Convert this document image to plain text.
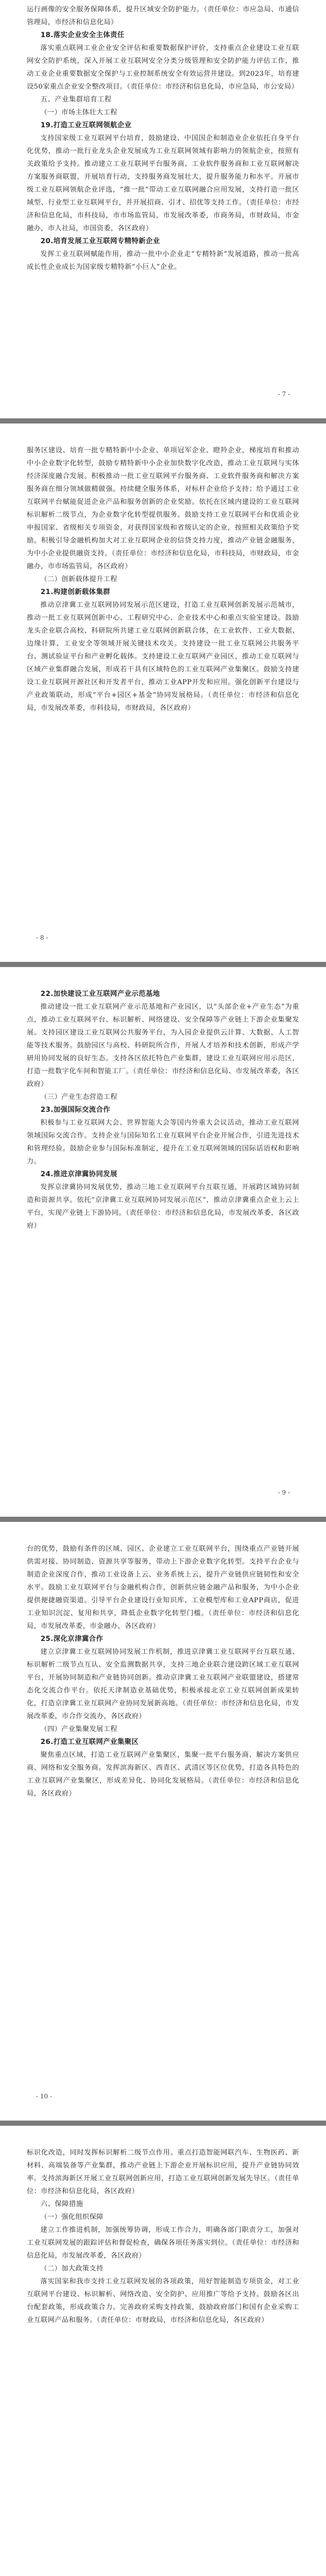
运行画像的安全服务保障体系，提升区域安全防护能力。（责任单位：市应急局、市通信管理局，市经济和信息化局）

18.落实企业安全主体责任

落实重点联网工业企业安全评估和重要数据保护评价，支持重点企业建设工业互联网安全防护系统，深入开展工业互联网安全分类分级管理和安全防护能力评估工作，推动工业企业重要数据安全保护与工业控制系统安全有效运营并建设。到2023年，培育建设50家重点企业安全整改项目。（责任单位：市经济和信息化局，市应急局，市公安局）

五、产业集群培育工程

（一）市场主体壮大工程

19.打造工业互联网领航企业

支持国家级工业互联网平台培育，鼓励建设、中国国企和制造业企业依托自身平台化优势，推动一批行业龙头企业发展成为工业互联网领域有影响力的领航企业，按照有关政策给予支持。推动建立工业互联网平台服务商、工业软件服务商和工业互联网解决方案服务商联盟，开展培育行动，支持服务商发展壮大，提升服务能力和水平。开展市级工业互联网领航企业评选，“推一批”带动工业互联网融合应用发展，支持打造一批区域型、行业型工业互联网平台，并开展招商、引才、招优等支持工作。（责任单位：市经济和信息化局，市科技局，市市场监管局，市发展改革委，市商务局，市财政局，市金融办，市人社局，市国资委，各区政府）

20.培育发展工业互联网专精特新企业

发挥工业互联网赋能作用，推动一批中小企业走“专精特新”发展道路，推动一批高成长性企业成长为国家级专精特新“小巨人”企业。

- 7 -

服务区建设、培育一批专精特新中小企业、单项冠军企业、瞪羚企业，梯度培育和推动中小企业数字化转型，鼓励专精特新中小企业加快数字化改造，推动工业互联网与实体经济深度融合发展。积极推动一批工业互联网平台服务商、工业软件服务商和解决方案服务商在细分领域做精做强。持续健全服务体系，对标杆企业给予支持；给予通过工业互联网平台赋能促进企业产品和服务创新的企业奖励。依托在区域内建设的工业互联网标识解析二级节点，为企业数字化转型提供服务。鼓励支持工业互联网平台和优质企业申报国家、省级相关专项资金，对获得国家级和省级认定的企业，按照相关政策给予奖励。积极引导金融机构加大对工业互联网企业的信贷支持力度，推动产业链金融服务，为中小企业提供融资支持。（责任单位：市经济和信息化局，市科技局，市财政局，市金融办，市市场监管局，各区政府）

（二）创新载体提升工程

21.构建创新载体集群

推动京津冀工业互联网协同发展示范区建设，打造工业互联网创新发展示范城市，推动一批工业互联网创新中心、工程研究中心、企业技术中心和重点实验室建设。鼓励龙头企业联合高校、科研院所共建工业互联网创新联合体，在工业软件、工业大数据、边缘计算、工业安全等领域开展关键技术攻关。支持建设一批工业互联网公共服务平台、测试验证平台和产业孵化载体。支持建设工业互联网产业园区，推动工业互联网与区域产业集群融合发展，形成若干具有区域特色的工业互联网产业集聚区。鼓励支持建设工业互联网开源社区和开发者平台，推动工业APP开发和应用。强化创新平台建设与产业政策联动，形成“平台+园区+基金”协同发展格局。（责任单位：市经济和信息化局，市发展改革委，市科技局，市财政局，各区政府）

- 8 -

22.加快建设工业互联网产业示范基地

推动建设一批工业互联网产业示范基地和产业园区，以“头部企业+产业生态”为重点，推动工业互联网平台、标识解析、网络建设、安全保障等产业链上下游企业集聚发展。支持园区建设工业互联网公共服务平台，为入园企业提供云计算、大数据、人工智能等技术服务。鼓励园区与高校、科研院所合作，开展人才培养和技术创新，形成产学研用协同发展的良好生态。支持各区依托特色产业集群，建设工业互联网应用示范区，打造一批数字化车间和智能工厂。（责任单位：市经济和信息化局、市发展改革委，各区政府）

（三）产业生态营造工程

23.加强国际交流合作

积极参与工业互联网大会、世界智能大会等国内外重大会议活动，推动工业互联网领域国际交流合作。支持企业与国际知名工业互联网平台企业开展合作，引进先进技术和管理经验。鼓励企业参与国际标准制定，提升在工业互联网领域的国际话语权和影响力。

24.推进京津冀协同发展

发挥京津冀协同发展优势，推动三地工业互联网平台互联互通，开展跨区域协同制造和资源共享。依托“京津冀工业互联网协同发展示范区”，推动京津冀重点企业上云上平台，实现产业链上下游协同。（责任单位：市经济和信息化局，市发展改革委，各区政府）

- 9 -

台的优势，鼓励有条件的区域、园区、企业建立工业互联网平台，围绕重点产业链开展供需对接、协同制造、资源共享等服务，带动上下游企业数字化转型。支持平台企业与制造企业深度合作，推动工业设备上云、业务系统上云，提升产业链供应链韧性和安全水平。鼓励工业互联网平台与金融机构合作，创新供应链金融产品和服务，为中小企业提供便捷融资渠道。引导平台企业建设行业知识库、工业模型库和工业APP商店，促进工业知识沉淀、复用和共享，降低企业数字化转型门槛。（责任单位：市经济和信息化局，市发展改革委，市金融办，各区政府）

25.深化京津冀合作

建立京津冀工业互联网协同发展工作机制，推进京津冀工业互联网平台互联互通、标识解析二级节点互认、安全监测数据共享，支持三地企业联合建设跨区域工业互联网平台，开展协同制造和产业链协同创新。推动京津冀工业互联网产业联盟建设，搭建常态化交流合作平台。依托天津制造业基础优势，积极承接北京工业互联网创新成果转化，打造京津冀工业互联网产业协同发展新高地。（责任单位：市经济和信息化局，市发展改革委，市合作交流办，各区政府）

（四）产业集聚发展工程

26.打造工业互联网产业集聚区

聚焦重点区域，打造工业互联网产业集聚区，集聚一批平台服务商、解决方案供应商、网络和安全服务商。发挥滨海新区、西青区、武清区等区位优势，打造各具特色的工业互联网产业集聚区，形成差异化、协同化发展格局。（责任单位：市经济和信息化局，各区政府）

- 10 -

标识化改造，同时发挥标识解析二级节点作用。重点打造智能网联汽车、生物医药、新材料、高端装备等产业集群，推动产业链上下游企业开展标识应用，提升产业链协同效率。支持滨海新区开展工业互联网创新应用，打造工业互联网创新发展先导区。（责任单位：市经济和信息化局，各区政府）

六、保障措施

（一）强化组织保障

建立工作推进机制，加强统筹协调，形成工作合力，明确各部门职责分工，加强对工业互联网发展的跟踪评估和督促检查，确保各项任务落实到位。（责任单位：市经济和信息化局，市发展改革委，各区政府）

（二）加大政策支持

落实国家和我市支持工业互联网发展的各项政策，用好智能制造专项资金，对工业互联网平台建设、标识解析、网络改造、安全防护、应用推广等给予支持。鼓励各区出台配套政策，形成政策合力。完善政府采购支持政策，鼓励政府部门和国有企业采购工业互联网产品和服务。（责任单位：市财政局，市经济和信息化局，各区政府）
